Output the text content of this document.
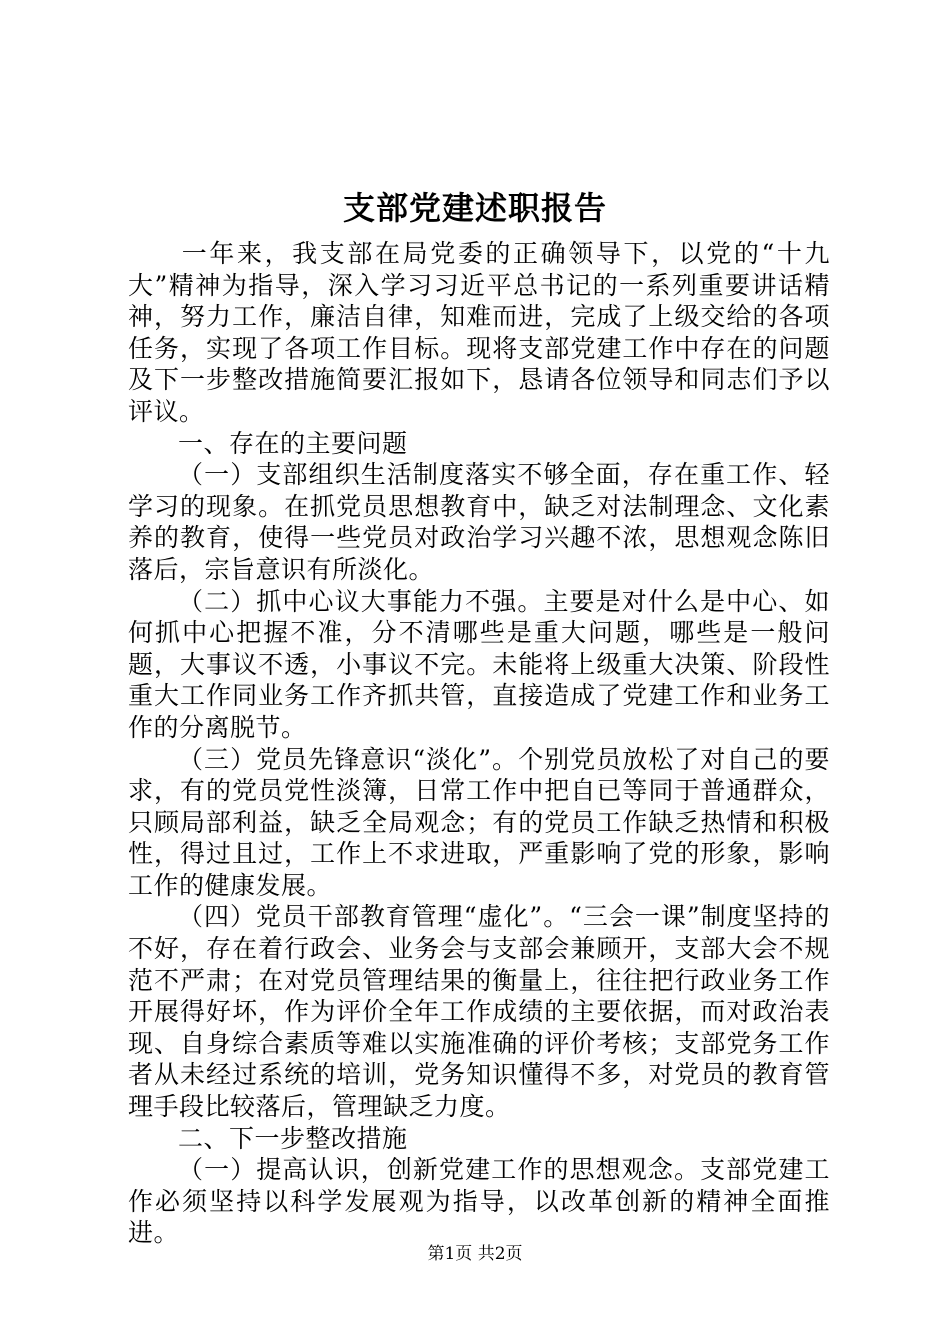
支部党建述职报告

一年来，我支部在局党委的正确领导下，以党的“十九大”精神为指导，深入学习习近平总书记的一系列重要讲话精神，努力工作，廉洁自律，知难而进，完成了上级交给的各项任务，实现了各项工作目标。现将支部党建工作中存在的问题及下一步整改措施简要汇报如下，恳请各位领导和同志们予以评议。

一、存在的主要问题

（一）支部组织生活制度落实不够全面，存在重工作、轻学习的现象。在抓党员思想教育中，缺乏对法制理念、文化素养的教育，使得一些党员对政治学习兴趣不浓，思想观念陈旧落后，宗旨意识有所淡化。

（二）抓中心议大事能力不强。主要是对什么是中心、如何抓中心把握不准，分不清哪些是重大问题，哪些是一般问题，大事议不透，小事议不完。未能将上级重大决策、阶段性重大工作同业务工作齐抓共管，直接造成了党建工作和业务工作的分离脱节。

（三）党员先锋意识“淡化”。个别党员放松了对自己的要求，有的党员党性淡簿，日常工作中把自已等同于普通群众，只顾局部利益，缺乏全局观念；有的党员工作缺乏热情和积极性，得过且过，工作上不求进取，严重影响了党的形象，影响工作的健康发展。

（四）党员干部教育管理“虚化”。“三会一课”制度坚持的不好，存在着行政会、业务会与支部会兼顾开，支部大会不规范不严肃；在对党员管理结果的衡量上，往往把行政业务工作开展得好坏，作为评价全年工作成绩的主要依据，而对政治表现、自身综合素质等难以实施准确的评价考核；支部党务工作者从未经过系统的培训，党务知识懂得不多，对党员的教育管理手段比较落后，管理缺乏力度。

二、下一步整改措施

（一）提高认识，创新党建工作的思想观念。支部党建工作必须坚持以科学发展观为指导，以改革创新的精神全面推进。

第1页 共2页
